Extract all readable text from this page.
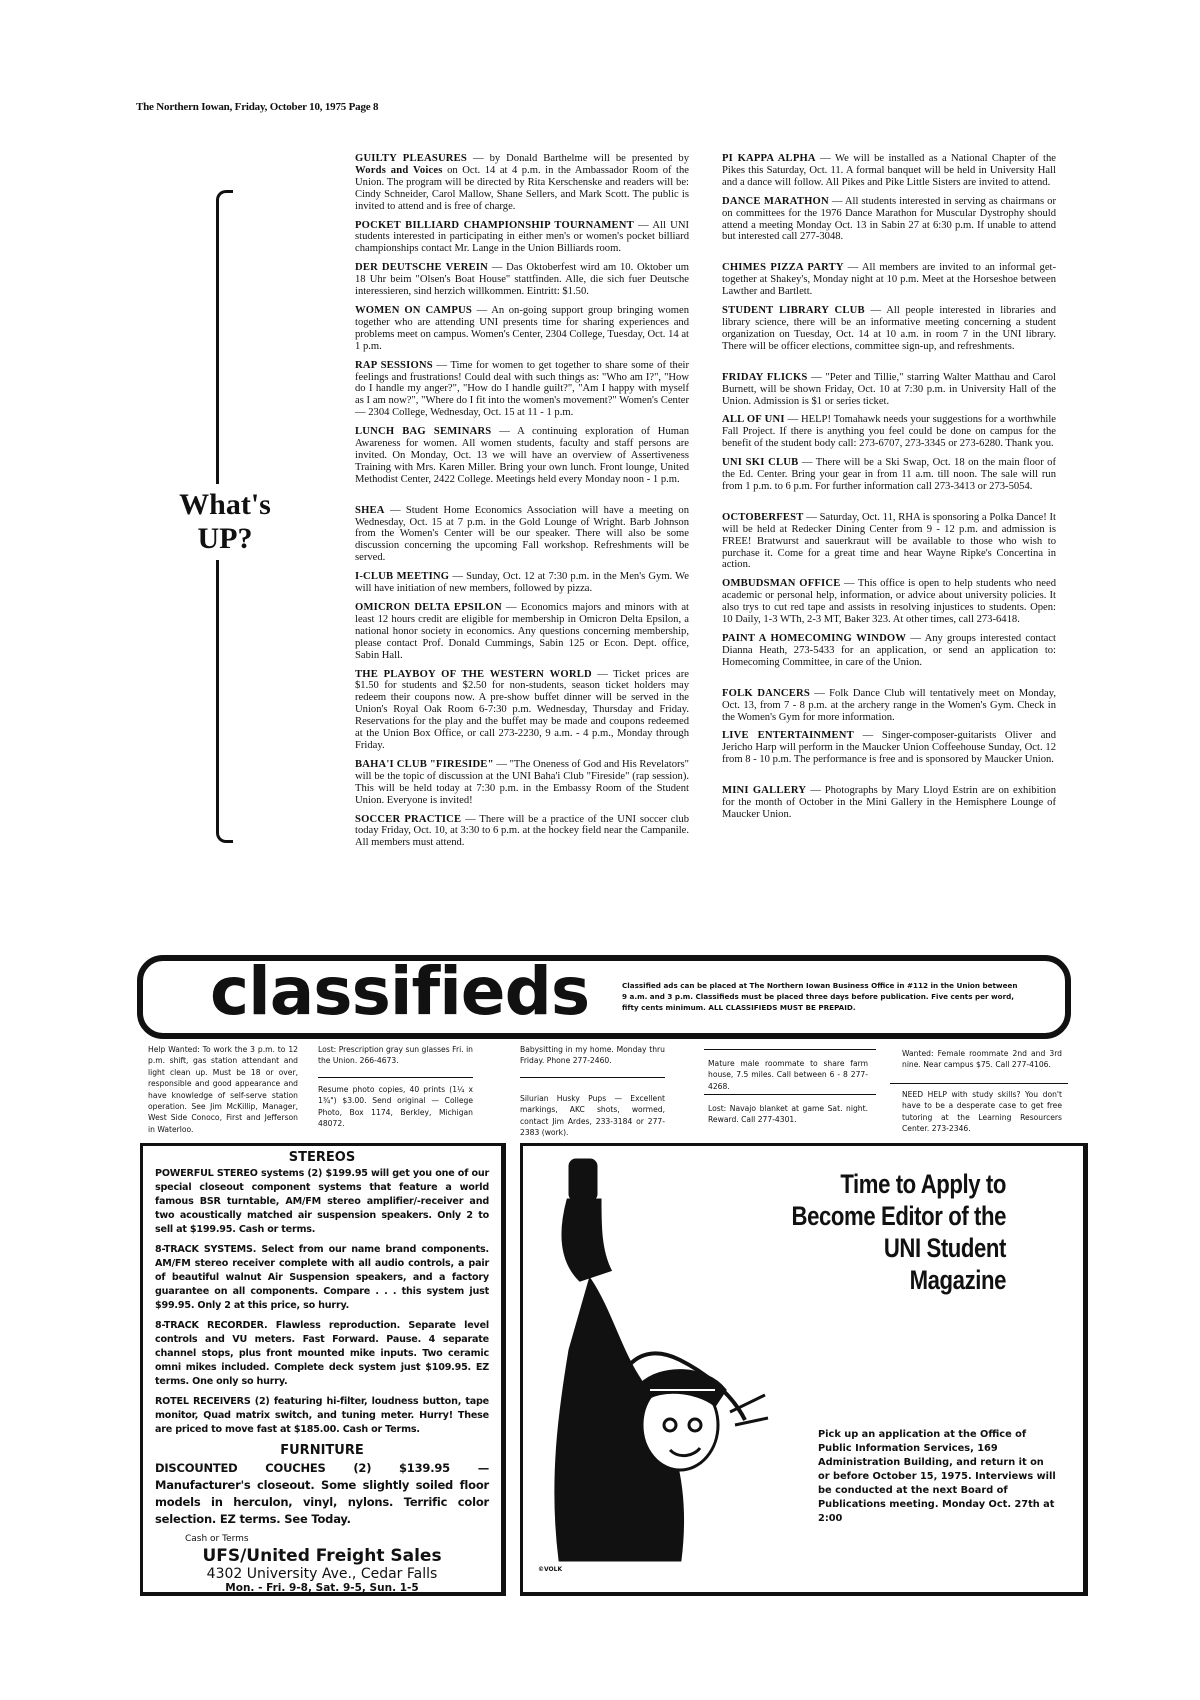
The Northern Iowan, Friday, October 10, 1975 Page 8
What's
UP?

GUILTY PLEASURES — by Donald Barthelme will be presented by Words and Voices on Oct. 14 at 4 p.m. in the Ambassador Room of the Union. The program will be directed by Rita Kerschenske and readers will be: Cindy Schneider, Carol Mallow, Shane Sellers, and Mark Scott. The public is invited to attend and is free of charge.

POCKET BILLIARD CHAMPIONSHIP TOURNAMENT — All UNI students interested in participating in either men's or women's pocket billiard championships contact Mr. Lange in the Union Billiards room.

DER DEUTSCHE VEREIN — Das Oktoberfest wird am 10. Oktober um 18 Uhr beim "Olsen's Boat House" stattfinden. Alle, die sich fuer Deutsche interessieren, sind herzich willkommen. Eintritt: $1.50.

WOMEN ON CAMPUS — An on-going support group bringing women together who are attending UNI presents time for sharing experiences and problems meet on campus. Women's Center, 2304 College, Tuesday, Oct. 14 at 1 p.m.

RAP SESSIONS — Time for women to get together to share some of their feelings and frustrations! Could deal with such things as: "Who am I?", "How do I handle my anger?", "How do I handle guilt?", "Am I happy with myself as I am now?", "Where do I fit into the women's movement?" Women's Center — 2304 College, Wednesday, Oct. 15 at 11 - 1 p.m.

LUNCH BAG SEMINARS — A continuing exploration of Human Awareness for women. All women students, faculty and staff persons are invited. On Monday, Oct. 13 we will have an overview of Assertiveness Training with Mrs. Karen Miller. Bring your own lunch. Front lounge, United Methodist Center, 2422 College. Meetings held every Monday noon - 1 p.m.

SHEA — Student Home Economics Association will have a meeting on Wednesday, Oct. 15 at 7 p.m. in the Gold Lounge of Wright. Barb Johnson from the Women's Center will be our speaker. There will also be some discussion concerning the upcoming Fall workshop. Refreshments will be served.

I-CLUB MEETING — Sunday, Oct. 12 at 7:30 p.m. in the Men's Gym. We will have initiation of new members, followed by pizza.

OMICRON DELTA EPSILON — Economics majors and minors with at least 12 hours credit are eligible for membership in Omicron Delta Epsilon, a national honor society in economics. Any questions concerning membership, please contact Prof. Donald Cummings, Sabin 125 or Econ. Dept. office, Sabin Hall.

THE PLAYBOY OF THE WESTERN WORLD — Ticket prices are $1.50 for students and $2.50 for non-students, season ticket holders may redeem their coupons now. A pre-show buffet dinner will be served in the Union's Royal Oak Room 6-7:30 p.m. Wednesday, Thursday and Friday. Reservations for the play and the buffet may be made and coupons redeemed at the Union Box Office, or call 273-2230, 9 a.m. - 4 p.m., Monday through Friday.

BAHA'I CLUB "FIRESIDE" — "The Oneness of God and His Revelators" will be the topic of discussion at the UNI Baha'i Club "Fireside" (rap session). This will be held today at 7:30 p.m. in the Embassy Room of the Student Union. Everyone is invited!

SOCCER PRACTICE — There will be a practice of the UNI soccer club today Friday, Oct. 10, at 3:30 to 6 p.m. at the hockey field near the Campanile. All members must attend.

PI KAPPA ALPHA — We will be installed as a National Chapter of the Pikes this Saturday, Oct. 11. A formal banquet will be held in University Hall and a dance will follow. All Pikes and Pike Little Sisters are invited to attend.

DANCE MARATHON — All students interested in serving as chairmans or on committees for the 1976 Dance Marathon for Muscular Dystrophy should attend a meeting Monday Oct. 13 in Sabin 27 at 6:30 p.m. If unable to attend but interested call 277-3048.

CHIMES PIZZA PARTY — All members are invited to an informal get-together at Shakey's, Monday night at 10 p.m. Meet at the Horseshoe between Lawther and Bartlett.

STUDENT LIBRARY CLUB — All people interested in libraries and library science, there will be an informative meeting concerning a student organization on Tuesday, Oct. 14 at 10 a.m. in room 7 in the UNI library. There will be officer elections, committee sign-up, and refreshments.

FRIDAY FLICKS — "Peter and Tillie," starring Walter Matthau and Carol Burnett, will be shown Friday, Oct. 10 at 7:30 p.m. in University Hall of the Union. Admission is $1 or series ticket.

ALL OF UNI — HELP! Tomahawk needs your suggestions for a worthwhile Fall Project. If there is anything you feel could be done on campus for the benefit of the student body call: 273-6707, 273-3345 or 273-6280. Thank you.

UNI SKI CLUB — There will be a Ski Swap, Oct. 18 on the main floor of the Ed. Center. Bring your gear in from 11 a.m. till noon. The sale will run from 1 p.m. to 6 p.m. For further information call 273-3413 or 273-5054.

OCTOBERFEST — Saturday, Oct. 11, RHA is sponsoring a Polka Dance! It will be held at Redecker Dining Center from 9 - 12 p.m. and admission is FREE! Bratwurst and sauerkraut will be available to those who wish to purchase it. Come for a great time and hear Wayne Ripke's Concertina in action.

OMBUDSMAN OFFICE — This office is open to help students who need academic or personal help, information, or advice about university policies. It also trys to cut red tape and assists in resolving injustices to students. Open: 10 Daily, 1-3 WTh, 2-3 MT, Baker 323. At other times, call 273-6418.

PAINT A HOMECOMING WINDOW — Any groups interested contact Dianna Heath, 273-5433 for an application, or send an application to: Homecoming Committee, in care of the Union.

FOLK DANCERS — Folk Dance Club will tentatively meet on Monday, Oct. 13, from 7 - 8 p.m. at the archery range in the Women's Gym. Check in the Women's Gym for more information.

LIVE ENTERTAINMENT — Singer-composer-guitarists Oliver and Jericho Harp will perform in the Maucker Union Coffeehouse Sunday, Oct. 12 from 8 - 10 p.m. The performance is free and is sponsored by Maucker Union.

MINI GALLERY — Photographs by Mary Lloyd Estrin are on exhibition for the month of October in the Mini Gallery in the Hemisphere Lounge of Maucker Union.

classifieds	Classified ads can be placed at The Northern Iowan Business Office in #112 in the Union between 9 a.m. and 3 p.m. Classifieds must be placed three days before publication. Five cents per word, fifty cents minimum. ALL CLASSIFIEDS MUST BE PREPAID.
Help Wanted: To work the 3 p.m. to 12 p.m. shift, gas station attendant and light clean up. Must be 18 or over, responsible and good appearance and have knowledge of self-serve station operation. See Jim McKillip, Manager, West Side Conoco, First and Jefferson in Waterloo.
Lost: Prescription gray sun glasses Fri. in the Union. 266-4673.
Resume photo copies, 40 prints (1¼ x 1¾") $3.00. Send original — College Photo, Box 1174, Berkley, Michigan 48072.
Babysitting in my home. Monday thru Friday. Phone 277-2460.
Silurian Husky Pups — Excellent markings, AKC shots, wormed, contact Jim Ardes, 233-3184 or 277-2383 (work).
Mature male roommate to share farm house, 7.5 miles. Call between 6 - 8 277-4268.
Lost: Navajo blanket at game Sat. night. Reward. Call 277-4301.
Wanted: Female roommate 2nd and 3rd nine. Near campus $75. Call 277-4106.
NEED HELP with study skills? You don't have to be a desperate case to get free tutoring at the Learning Resourcers Center. 273-2346.
STEREOS

POWERFUL STEREO systems (2) $199.95 will get you one of our special closeout component systems that feature a world famous BSR turntable, AM/FM stereo amplifier/-receiver and two acoustically matched air suspension speakers. Only 2 to sell at $199.95. Cash or terms.

8-TRACK SYSTEMS. Select from our name brand components. AM/FM stereo receiver complete with all audio controls, a pair of beautiful walnut Air Suspension speakers, and a factory guarantee on all components. Compare . . . this system just $99.95. Only 2 at this price, so hurry.

8-TRACK RECORDER. Flawless reproduction. Separate level controls and VU meters. Fast Forward. Pause. 4 separate channel stops, plus front mounted mike inputs. Two ceramic omni mikes included. Complete deck system just $109.95. EZ terms. One only so hurry.

ROTEL RECEIVERS (2) featuring hi-filter, loudness button, tape monitor, Quad matrix switch, and tuning meter. Hurry! These are priced to move fast at $185.00. Cash or Terms.

FURNITURE

DISCOUNTED COUCHES (2) $139.95 — Manufacturer's closeout. Some slightly soiled floor models in herculon, vinyl, nylons. Terrific color selection. EZ terms. See Today.

Cash or Terms
UFS/United Freight Sales
4302 University Ave., Cedar Falls
Mon. - Fri. 9-8, Sat. 9-5, Sun. 1-5
Time to Apply to
Become Editor of the
UNI Student
Magazine
Pick up an application at the Office of Public Information Services, 169 Administration Building, and return it on or before October 15, 1975. Interviews will be conducted at the next Board of Publications meeting. Monday Oct. 27th at 2:00
©VOLK
